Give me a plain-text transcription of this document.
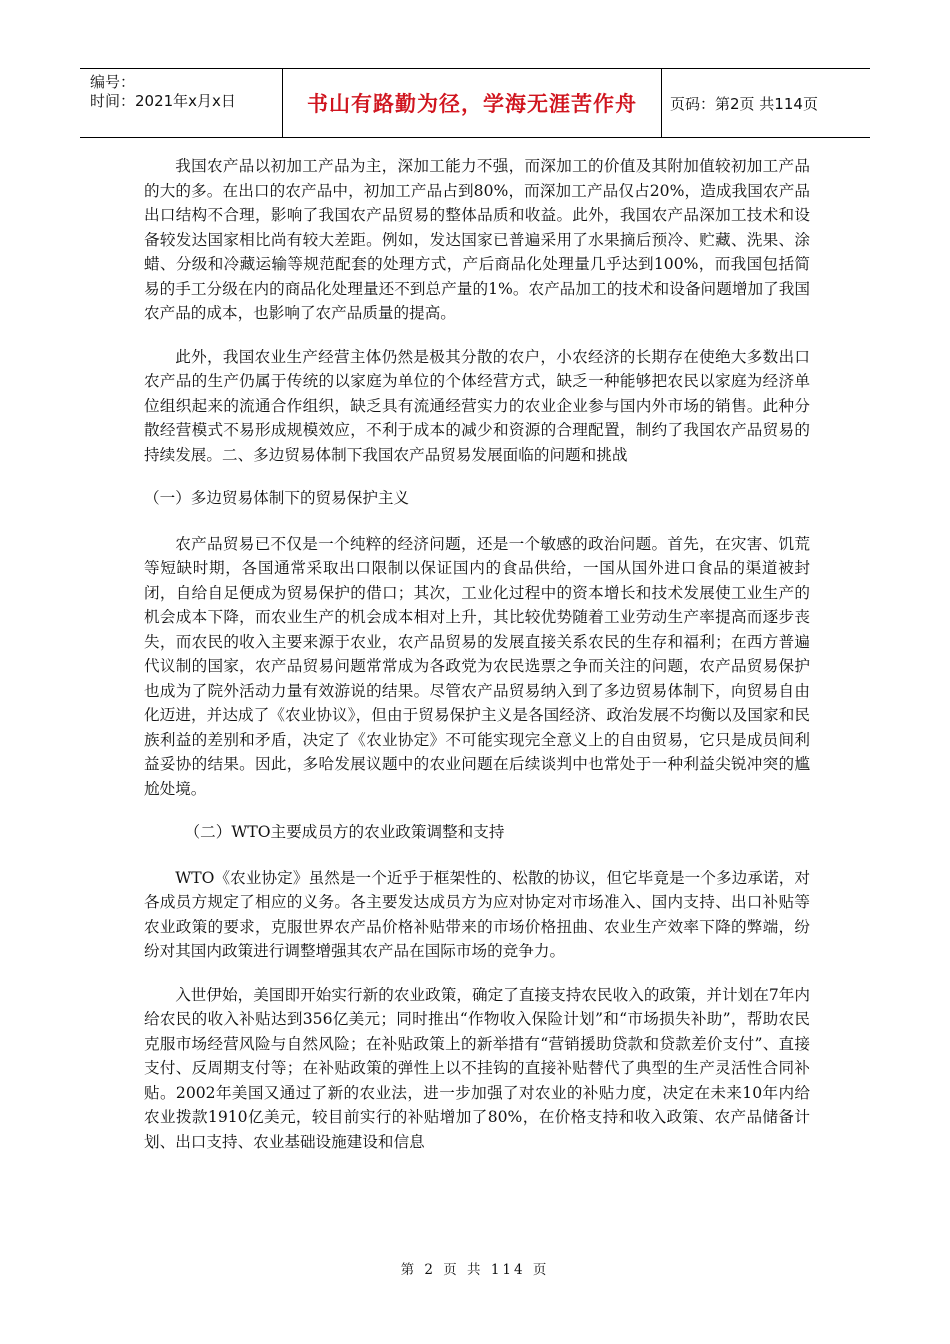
编号：
时间：2021年x月x日	书山有路勤为径，学海无涯苦作舟	页码：第2页 共114页

我国农产品以初加工产品为主，深加工能力不强，而深加工的价值及其附加值较初加工产品的大的多。在出口的农产品中，初加工产品占到80%，而深加工产品仅占20%，造成我国农产品出口结构不合理，影响了我国农产品贸易的整体品质和收益。此外，我国农产品深加工技术和设备较发达国家相比尚有较大差距。例如，发达国家已普遍采用了水果摘后预冷、贮藏、洗果、涂蜡、分级和冷藏运输等规范配套的处理方式，产后商品化处理量几乎达到100%，而我国包括简易的手工分级在内的商品化处理量还不到总产量的1%。农产品加工的技术和设备问题增加了我国农产品的成本，也影响了农产品质量的提高。

此外，我国农业生产经营主体仍然是极其分散的农户，小农经济的长期存在使绝大多数出口农产品的生产仍属于传统的以家庭为单位的个体经营方式，缺乏一种能够把农民以家庭为经济单位组织起来的流通合作组织，缺乏具有流通经营实力的农业企业参与国内外市场的销售。此种分散经营模式不易形成规模效应，不利于成本的减少和资源的合理配置，制约了我国农产品贸易的持续发展。二、多边贸易体制下我国农产品贸易发展面临的问题和挑战

（一）多边贸易体制下的贸易保护主义

农产品贸易已不仅是一个纯粹的经济问题，还是一个敏感的政治问题。首先，在灾害、饥荒等短缺时期，各国通常采取出口限制以保证国内的食品供给，一国从国外进口食品的渠道被封闭，自给自足便成为贸易保护的借口；其次，工业化过程中的资本增长和技术发展使工业生产的机会成本下降，而农业生产的机会成本相对上升，其比较优势随着工业劳动生产率提高而逐步丧失，而农民的收入主要来源于农业，农产品贸易的发展直接关系农民的生存和福利；在西方普遍代议制的国家，农产品贸易问题常常成为各政党为农民选票之争而关注的问题，农产品贸易保护也成为了院外活动力量有效游说的结果。尽管农产品贸易纳入到了多边贸易体制下，向贸易自由化迈进，并达成了《农业协议》，但由于贸易保护主义是各国经济、政治发展不均衡以及国家和民族利益的差别和矛盾，决定了《农业协定》不可能实现完全意义上的自由贸易，它只是成员间利益妥协的结果。因此，多哈发展议题中的农业问题在后续谈判中也常处于一种利益尖锐冲突的尴尬处境。

（二）WTO主要成员方的农业政策调整和支持

WTO《农业协定》虽然是一个近乎于框架性的、松散的协议，但它毕竟是一个多边承诺，对各成员方规定了相应的义务。各主要发达成员方为应对协定对市场准入、国内支持、出口补贴等农业政策的要求，克服世界农产品价格补贴带来的市场价格扭曲、农业生产效率下降的弊端，纷纷对其国内政策进行调整增强其农产品在国际市场的竞争力。

入世伊始，美国即开始实行新的农业政策，确定了直接支持农民收入的政策，并计划在7年内给农民的收入补贴达到356亿美元；同时推出“作物收入保险计划”和“市场损失补助”，帮助农民克服市场经营风险与自然风险；在补贴政策上的新举措有“营销援助贷款和贷款差价支付”、直接支付、反周期支付等；在补贴政策的弹性上以不挂钩的直接补贴替代了典型的生产灵活性合同补贴。2002年美国又通过了新的农业法，进一步加强了对农业的补贴力度，决定在未来10年内给农业拨款1910亿美元，较目前实行的补贴增加了80%，在价格支持和收入政策、农产品储备计划、出口支持、农业基础设施建设和信息

第 2 页 共 114 页
